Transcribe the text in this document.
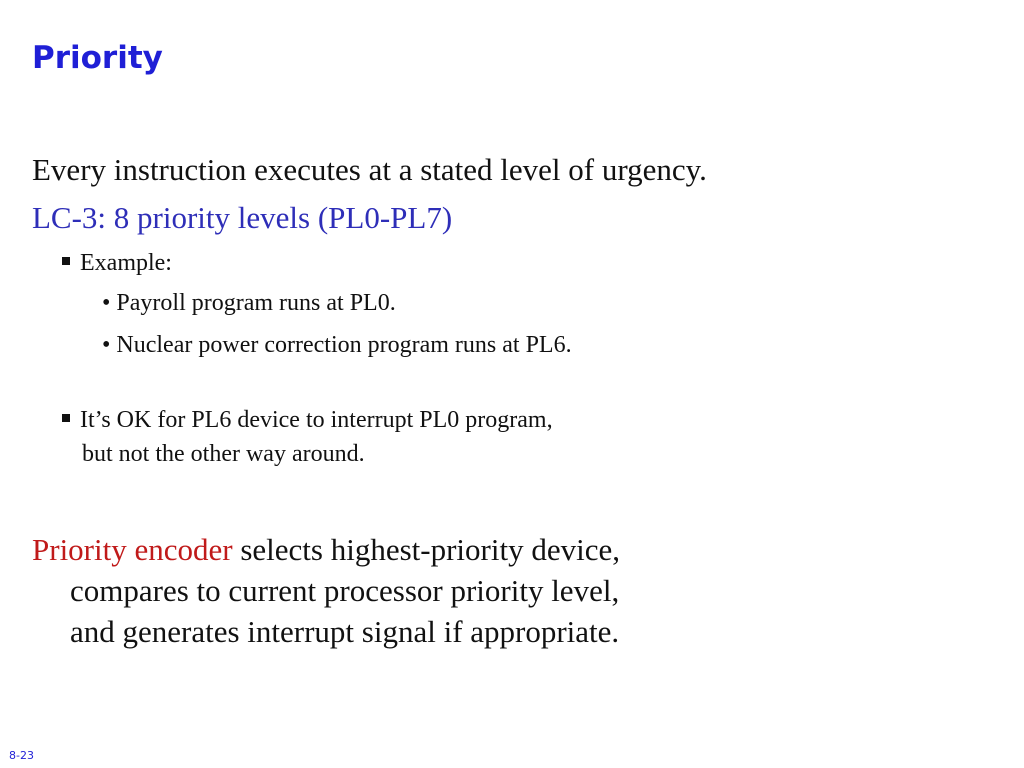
Priority
Every instruction executes at a stated level of urgency.
LC-3: 8 priority levels (PL0-PL7)
Example:
• Payroll program runs at PL0.
• Nuclear power correction program runs at PL6.
It’s OK for PL6 device to interrupt PL0 program,
but not the other way around.
Priority encoder selects highest-priority device,
compares to current processor priority level,
and generates interrupt signal if appropriate.
8-23
